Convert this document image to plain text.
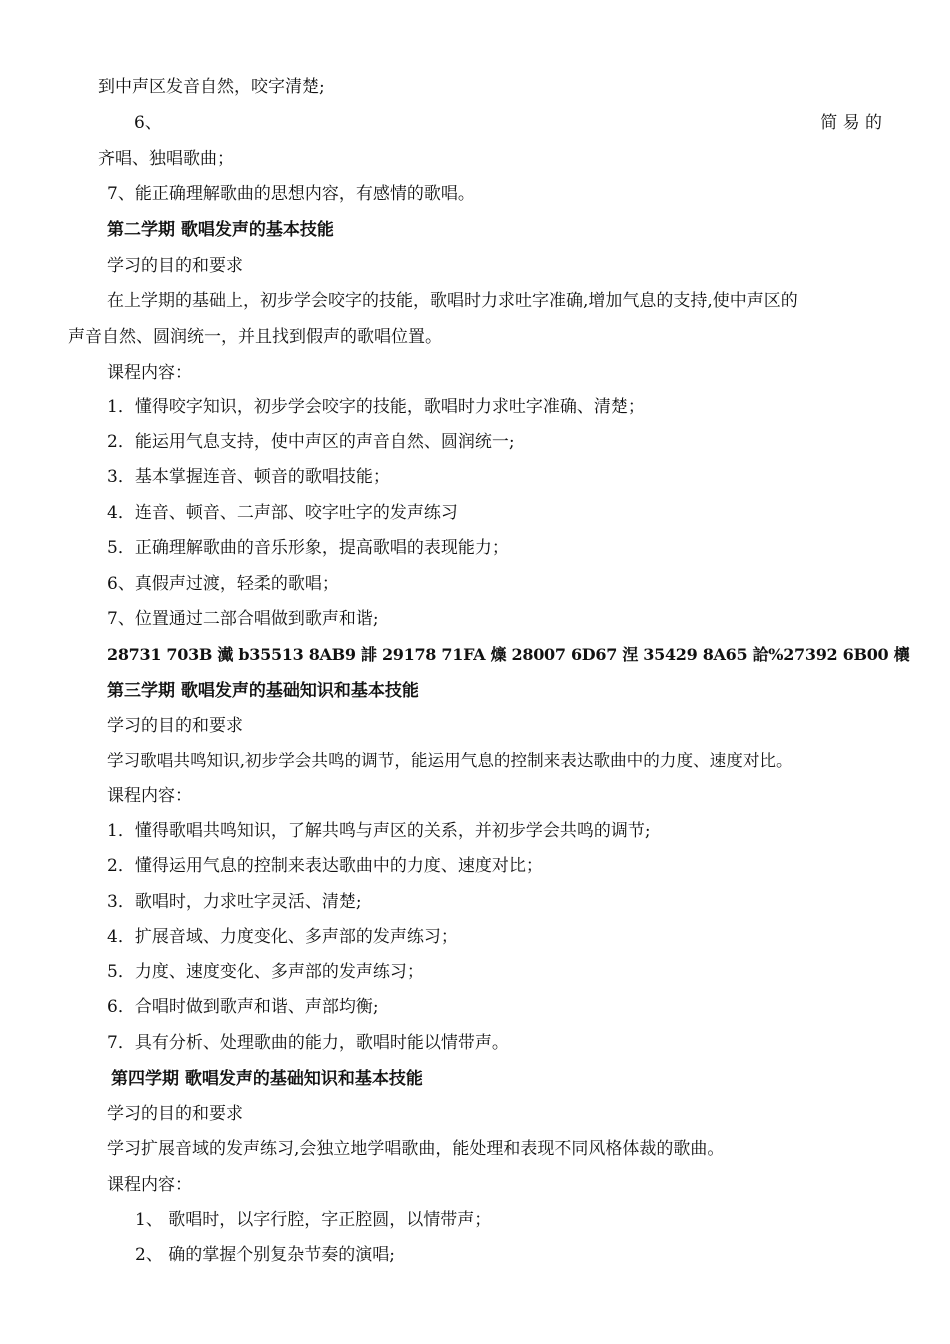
到中声区发音自然，咬字清楚;
6、	简 易 的
齐唱、独唱歌曲；
7、能正确理解歌曲的思想内容，有感情的歌唱。
第二学期 歌唱发声的基本技能
学习的目的和要求
在上学期的基础上，初步学会咬字的技能，歌唱时力求吐字准确,增加气息的支持,使中声区的
声音自然、圆润统一，并且找到假声的歌唱位置。
课程内容：
1．懂得咬字知识，初步学会咬字的技能，歌唱时力求吐字准确、清楚；
2．能运用气息支持，使中声区的声音自然、圆润统一;
3．基本掌握连音、顿音的歌唱技能；
4．连音、顿音、二声部、咬字吐字的发声练习
5．正确理解歌曲的音乐形象，提高歌唱的表现能力；
6、真假声过渡，轻柔的歌唱；
7、位置通过二部合唱做到歌声和谐;
28731 703B 瀻 b35513 8AB9 誹 29178 71FA 燺 28007 6D67 涅 35429 8A65 詥%27392 6B00 欀
第三学期 歌唱发声的基础知识和基本技能
学习的目的和要求
学习歌唱共鸣知识,初步学会共鸣的调节，能运用气息的控制来表达歌曲中的力度、速度对比。
课程内容：
1．懂得歌唱共鸣知识，了解共鸣与声区的关系，并初步学会共鸣的调节;
2．懂得运用气息的控制来表达歌曲中的力度、速度对比；
3．歌唱时，力求吐字灵活、清楚;
4．扩展音域、力度变化、多声部的发声练习；
5．力度、速度变化、多声部的发声练习；
6．合唱时做到歌声和谐、声部均衡;
7．具有分析、处理歌曲的能力，歌唱时能以情带声。
第四学期 歌唱发声的基础知识和基本技能
学习的目的和要求
学习扩展音域的发声练习,会独立地学唱歌曲，能处理和表现不同风格体裁的歌曲。
课程内容：
1、 歌唱时，以字行腔，字正腔圆，以情带声；
2、 确的掌握个别复杂节奏的演唱;
